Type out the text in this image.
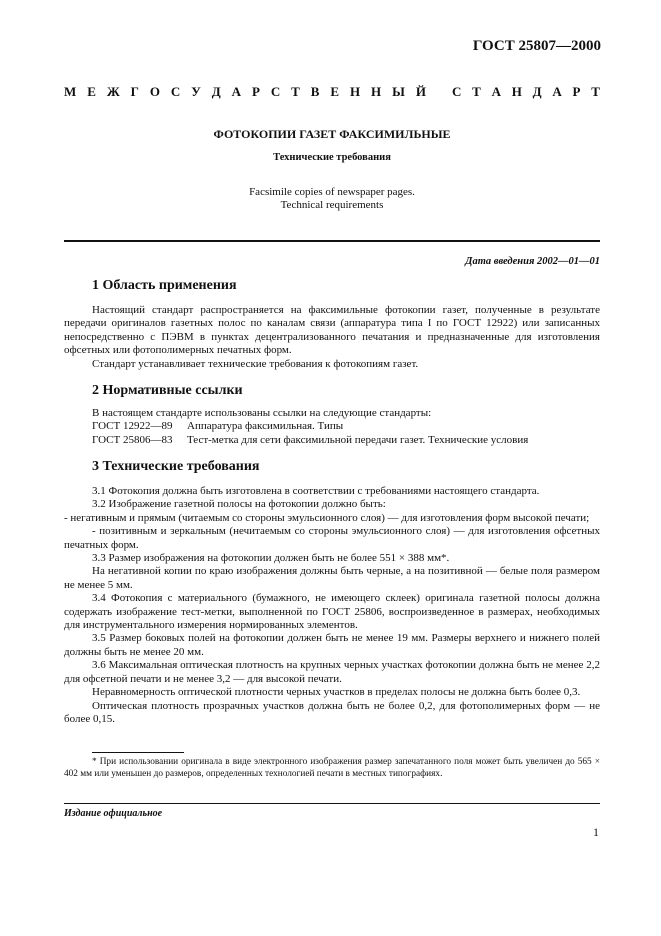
ГОСТ 25807—2000
М Е Ж Г О С У Д А Р С Т В Е Н Н Ы Й С Т А Н Д А Р Т
ФОТОКОПИИ ГАЗЕТ ФАКСИМИЛЬНЫЕ
Технические требования
Facsimile copies of newspaper pages.
Technical requirements
Дата введения 2002—01—01
1 Область применения

Настоящий стандарт распространяется на факсимильные фотокопии газет, полученные в результате передачи оригиналов газетных полос по каналам связи (аппаратура типа I по ГОСТ 12922) или записанных непосредственно с ПЭВМ в пунктах децентрализованного печатания и предназначенные для изготовления офсетных или фотополимерных печатных форм.

Стандарт устанавливает технические требования к фотокопиям газет.

2 Нормативные ссылки

В настоящем стандарте использованы ссылки на следующие стандарты:

ГОСТ 12922—89 Аппаратура факсимильная. Типы

ГОСТ 25806—83 Тест-метка для сети факсимильной передачи газет. Технические условия

3 Технические требования

3.1 Фотокопия должна быть изготовлена в соответствии с требованиями настоящего стандарта.

3.2 Изображение газетной полосы на фотокопии должно быть:

- негативным и прямым (читаемым со стороны эмульсионного слоя) — для изготовления форм высокой печати;

- позитивным и зеркальным (нечитаемым со стороны эмульсионного слоя) — для изготовления офсетных печатных форм.

3.3 Размер изображения на фотокопии должен быть не более 551 × 388 мм*.

На негативной копии по краю изображения должны быть черные, а на позитивной — белые поля размером не менее 5 мм.

3.4 Фотокопия с материального (бумажного, не имеющего склеек) оригинала газетной полосы должна содержать изображение тест-метки, выполненной по ГОСТ 25806, воспроизведенное в размерах, необходимых для инструментального измерения нормированных элементов.

3.5 Размер боковых полей на фотокопии должен быть не менее 19 мм. Размеры верхнего и нижнего полей должны быть не менее 20 мм.

3.6 Максимальная оптическая плотность на крупных черных участках фотокопии должна быть не менее 2,2 для офсетной печати и не менее 3,2 — для высокой печати.

Неравномерность оптической плотности черных участков в пределах полосы не должна быть более 0,3.

Оптическая плотность прозрачных участков должна быть не более 0,2, для фотополимерных форм — не более 0,15.

* При использовании оригинала в виде электронного изображения размер запечатанного поля может быть увеличен до 565 × 402 мм или уменьшен до размеров, определенных технологией печати в местных типографиях.

Издание официальное
1
